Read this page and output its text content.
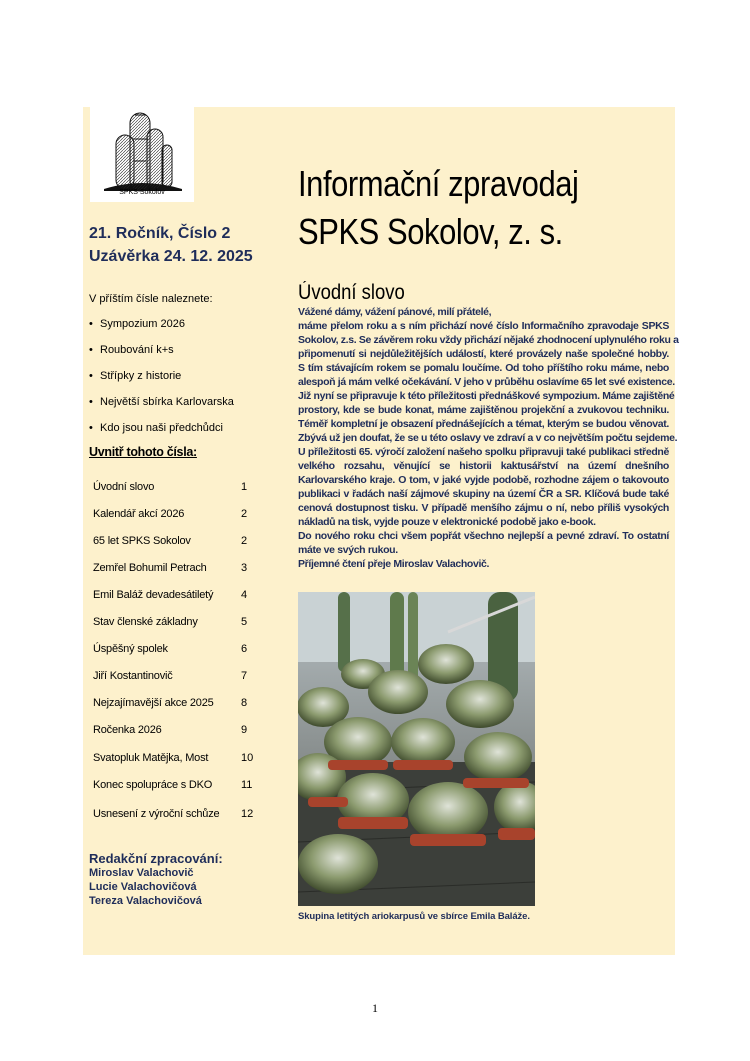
SPKS Sokolov
21. Ročník, Číslo 2
Uzávěrka 24. 12. 2025
V příštím čísle naleznete:
• Sympozium 2026
• Roubování k+s
• Střípky z historie
• Největší sbírka Karlovarska
• Kdo jsou naši předchůdci
Uvnitř tohoto čísla:
Úvodní slovo	1
Kalendář akcí 2026	2
65 let SPKS Sokolov	2
Zemřel Bohumil Petrach	3
Emil Baláž devadesátiletý	4
Stav členské základny	5
Úspěšný spolek	6
Jiří Kostantinovič	7
Nejzajímavější akce 2025 8
Ročenka 2026	9
Svatopluk Matějka, Most	10
Konec spolupráce s DKO	11
Usnesení z výroční schůze 12
Redakční zpracování:
Miroslav Valachovič
Lucie Valachovičová
Tereza Valachovičová
Informační zpravodaj
SPKS Sokolov, z. s.
Úvodní slovo
Vážené dámy, vážení pánové, milí přátelé,
máme přelom roku a s ním přichází nové číslo Informačního zpravodaje SPKS
Sokolov, z.s. Se závěrem roku vždy přichází nějaké zhodnocení uplynulého roku a
připomenutí si nejdůležitějších událostí, které provázely naše společné hobby.
S tím stávajícím rokem se pomalu loučíme. Od toho příštího roku máme, nebo
alespoň já mám velké očekávání. V jeho v průběhu oslavíme 65 let své existence.
Již nyní se připravuje k této příležitosti přednáškové sympozium. Máme zajištěné
prostory, kde se bude konat, máme zajištěnou projekční a zvukovou techniku.
Téměř kompletní je obsazení přednášejících a témat, kterým se budou věnovat.
Zbývá už jen doufat, že se u této oslavy ve zdraví a v co největším počtu sejdeme.
U příležitosti 65. výročí založení našeho spolku připravuji také publikaci středně
velkého rozsahu, věnující se historii kaktusářství na území dnešního
Karlovarského kraje. O tom, v jaké vyjde podobě, rozhodne zájem o takovouto
publikaci v řadách naší zájmové skupiny na území ČR a SR. Klíčová bude také
cenová dostupnost tisku. V případě menšího zájmu o ní, nebo příliš vysokých
nákladů na tisk, vyjde pouze v elektronické podobě jako e-book.
Do nového roku chci všem popřát všechno nejlepší a pevné zdraví. To ostatní
máte ve svých rukou.
Příjemné čtení přeje Miroslav Valachovič.
Skupina letitých ariokarpusů ve sbírce Emila Baláže.
1
